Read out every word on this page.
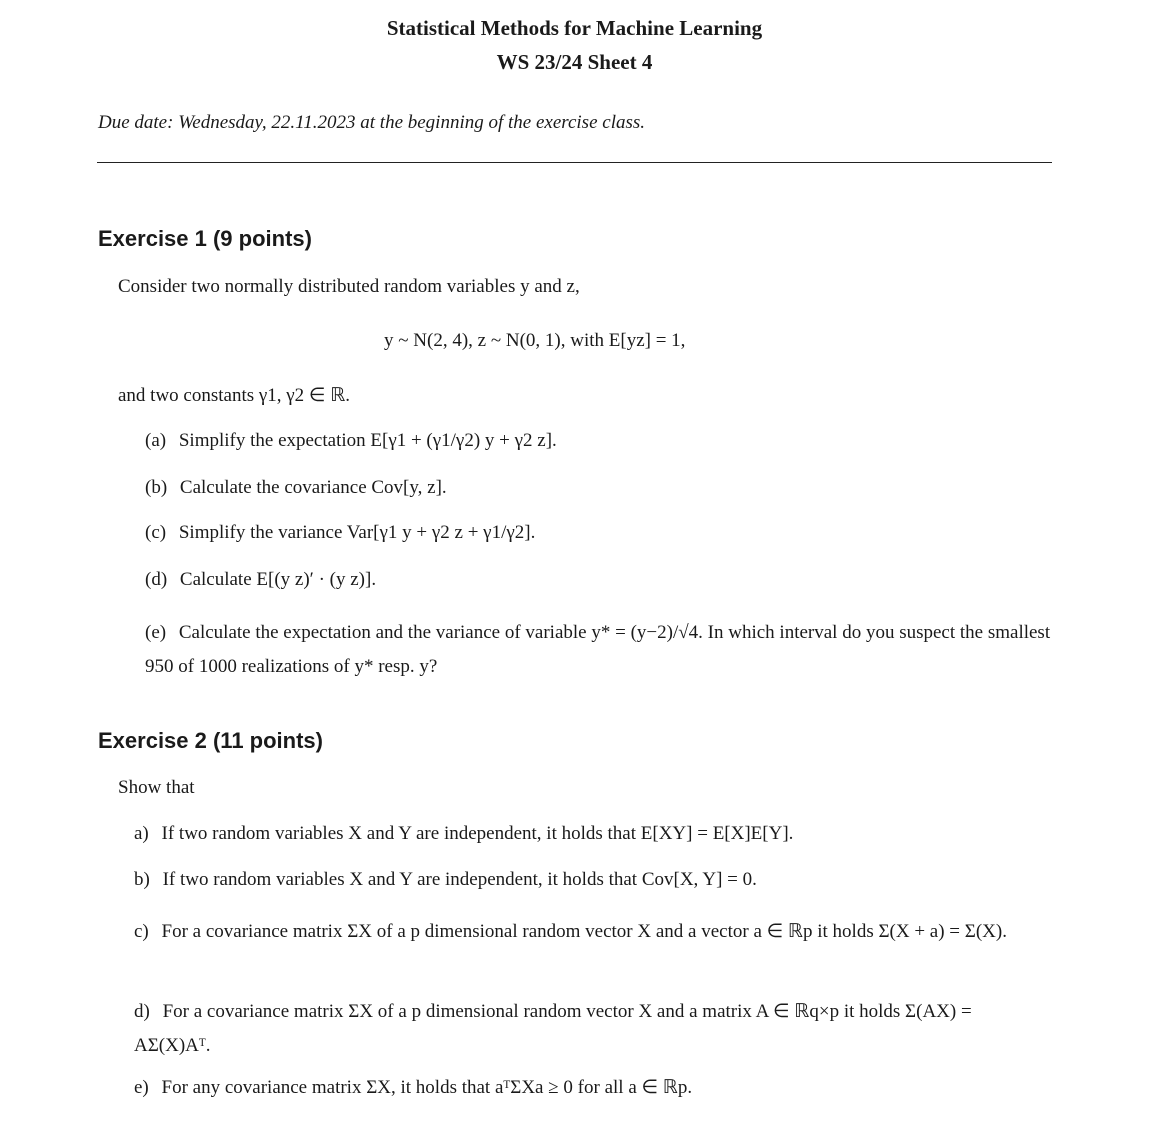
Statistical Methods for Machine Learning
WS 23/24 Sheet 4
Due date: Wednesday, 22.11.2023 at the beginning of the exercise class.
Exercise 1 (9 points)
Consider two normally distributed random variables y and z,
y ~ N(2, 4), z ~ N(0, 1), with E[yz] = 1,
and two constants γ1, γ2 ∈ ℝ.
(a) Simplify the expectation E[γ1 + (γ1/γ2) y + γ2 z].
(b) Calculate the covariance Cov[y, z].
(c) Simplify the variance Var[γ1 y + γ2 z + γ1/γ2].
(d) Calculate E[(y z)′ · (y z)].
(e) Calculate the expectation and the variance of variable y* = (y−2)/√4. In which interval do you suspect the smallest 950 of 1000 realizations of y* resp. y?
Exercise 2 (11 points)
Show that
a) If two random variables X and Y are independent, it holds that E[XY] = E[X]E[Y].
b) If two random variables X and Y are independent, it holds that Cov[X, Y] = 0.
c) For a covariance matrix ΣX of a p dimensional random vector X and a vector a ∈ ℝp it holds Σ(X + a) = Σ(X).
d) For a covariance matrix ΣX of a p dimensional random vector X and a matrix A ∈ ℝq×p it holds Σ(AX) = AΣ(X)Aᵀ.
e) For any covariance matrix ΣX, it holds that aᵀΣXa ≥ 0 for all a ∈ ℝp.
